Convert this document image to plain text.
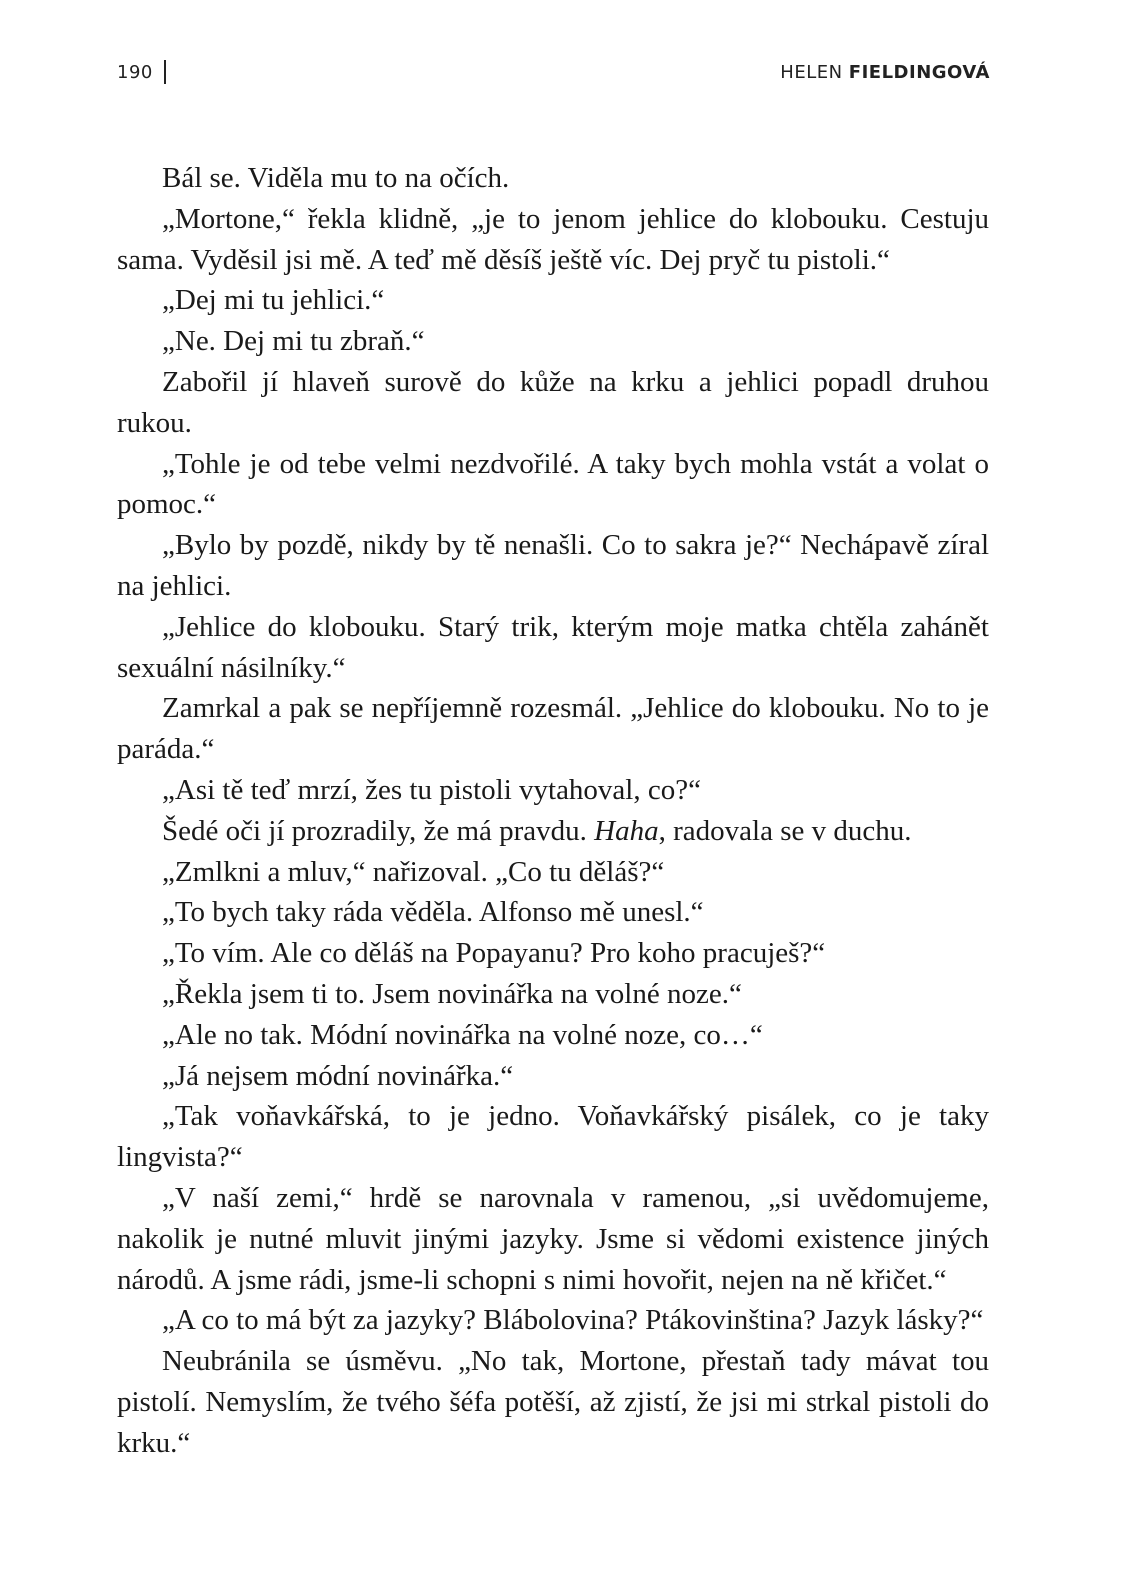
190	HELEN FIELDINGOVÁ

Bál se. Viděla mu to na očích.

„Mortone,“ řekla klidně, „je to jenom jehlice do klobouku. Cestuju sama. Vyděsil jsi mě. A teď mě děsíš ještě víc. Dej pryč tu pistoli.“

„Dej mi tu jehlici.“

„Ne. Dej mi tu zbraň.“

Zabořil jí hlaveň surově do kůže na krku a jehlici popadl druhou rukou.

„Tohle je od tebe velmi nezdvořilé. A taky bych mohla vstát a volat o pomoc.“

„Bylo by pozdě, nikdy by tě nenašli. Co to sakra je?“ Nechápavě zíral na jehlici.

„Jehlice do klobouku. Starý trik, kterým moje matka chtěla zahánět sexuální násilníky.“

Zamrkal a pak se nepříjemně rozesmál. „Jehlice do klobouku. No to je paráda.“

„Asi tě teď mrzí, žes tu pistoli vytahoval, co?“

Šedé oči jí prozradily, že má pravdu. Haha, radovala se v duchu.

„Zmlkni a mluv,“ nařizoval. „Co tu děláš?“

„To bych taky ráda věděla. Alfonso mě unesl.“

„To vím. Ale co děláš na Popayanu? Pro koho pracuješ?“

„Řekla jsem ti to. Jsem novinářka na volné noze.“

„Ale no tak. Módní novinářka na volné noze, co…“

„Já nejsem módní novinářka.“

„Tak voňavkářská, to je jedno. Voňavkářský pisálek, co je taky lingvista?“

„V naší zemi,“ hrdě se narovnala v ramenou, „si uvědomujeme, nakolik je nutné mluvit jinými jazyky. Jsme si vědomi existence jiných národů. A jsme rádi, jsme-li schopni s nimi hovořit, nejen na ně křičet.“

„A co to má být za jazyky? Blábolovina? Ptákovinština? Jazyk lásky?“

Neubránila se úsměvu. „No tak, Mortone, přestaň tady mávat tou pistolí. Nemyslím, že tvého šéfa potěší, až zjistí, že jsi mi strkal pistoli do krku.“
